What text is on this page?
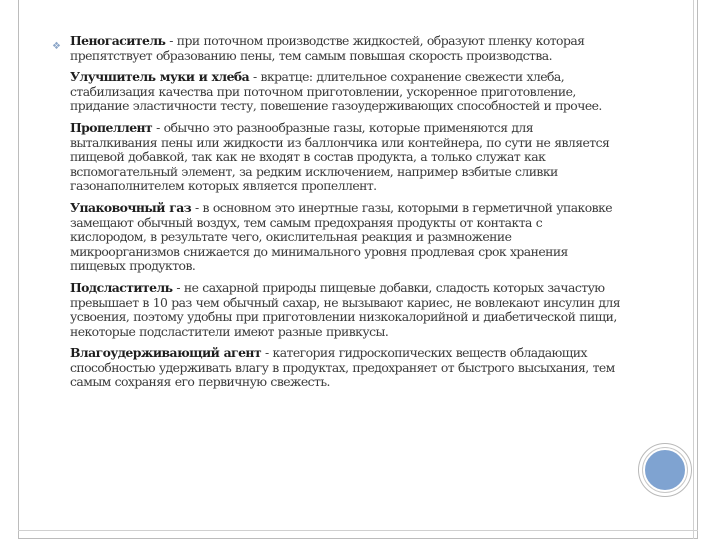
❖ Пеногаситель - при поточном производстве жидкостей, образуют пленку которая препятствует образованию пены, тем самым повышая скорость производства.

Улучшитель муки и хлеба - вкратце: длительное сохранение свежести хлеба, стабилизация качества при поточном приготовлении, ускоренное приготовление, придание эластичности тесту, повешение газоудерживающих способностей и прочее.

Пропеллент - обычно это разнообразные газы, которые применяются для выталкивания пены или жидкости из баллончика или контейнера, по сути не является пищевой добавкой, так как не входят в состав продукта, а только служат как вспомогательный элемент, за редким исключением, например взбитые сливки газонаполнителем которых является пропеллент.

Упаковочный газ - в основном это инертные газы, которыми в герметичной упаковке замещают обычный воздух, тем самым предохраняя продукты от контакта с кислородом, в результате чего, окислительная реакция и размножение микроорганизмов снижается до минимального уровня продлевая срок хранения пищевых продуктов.

Подсластитель - не сахарной природы пищевые добавки, сладость которых зачастую превышает в 10 раз чем обычный сахар, не вызывают кариес, не вовлекают инсулин для усвоения, поэтому удобны при приготовлении низкокалорийной и диабетической пищи, некоторые подсластители имеют разные привкусы.

Влагоудерживающий агент - категория гидроскопических веществ обладающих способностью удерживать влагу в продуктах, предохраняет от быстрого высыхания, тем самым сохраняя его первичную свежесть.
